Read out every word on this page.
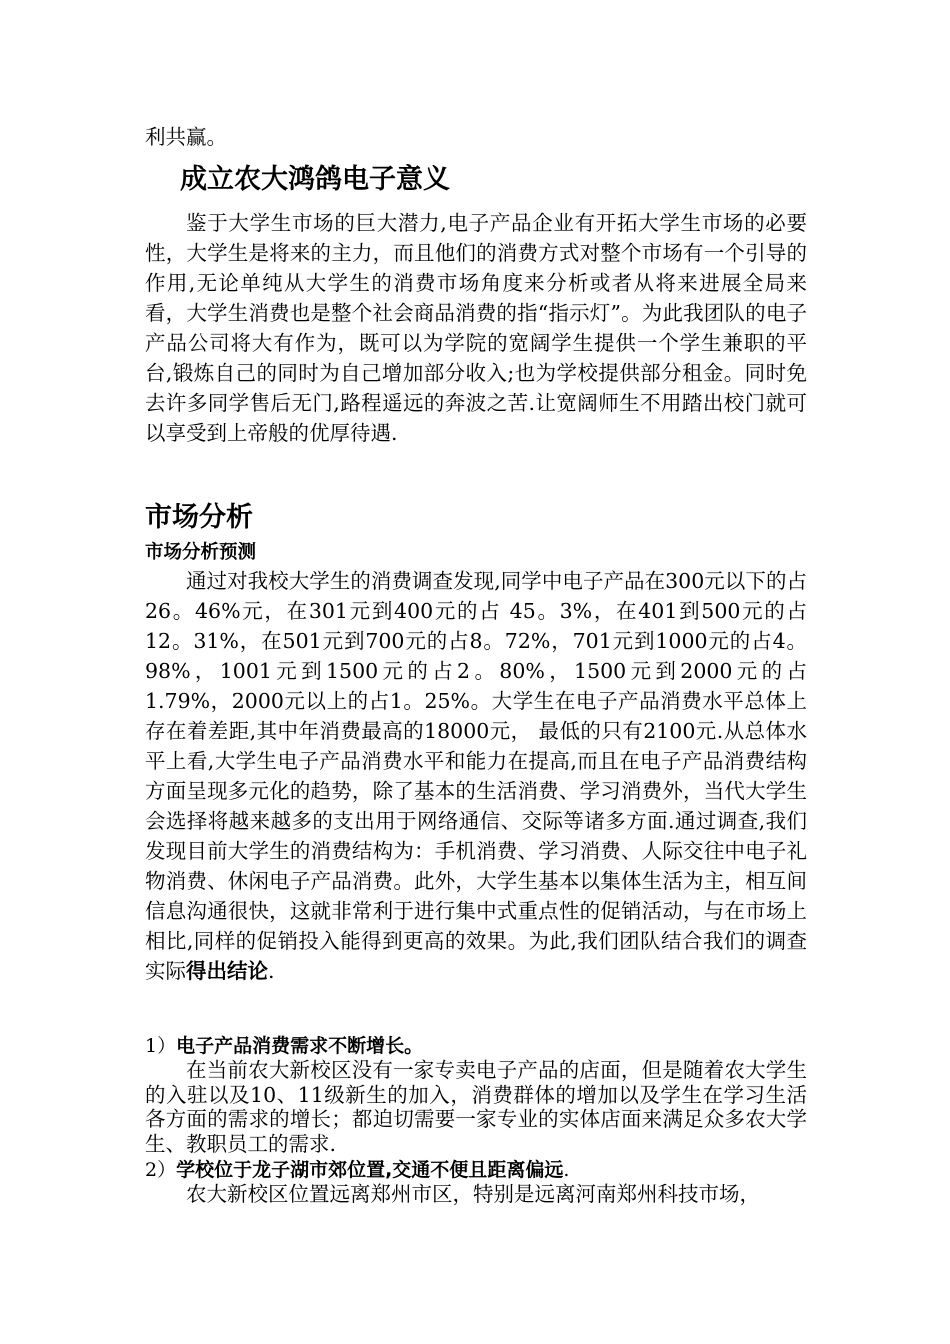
利共赢。

成立农大鸿鸽电子意义

鉴于大学生市场的巨大潜力,电子产品企业有开拓大学生市场的必要性，大学生是将来的主力，而且他们的消费方式对整个市场有一个引导的作用,无论单纯从大学生的消费市场角度来分析或者从将来进展全局来看，大学生消费也是整个社会商品消费的指“指示灯”。为此我团队的电子产品公司将大有作为，既可以为学院的宽阔学生提供一个学生兼职的平台,锻炼自己的同时为自己增加部分收入;也为学校提供部分租金。同时免去许多同学售后无门,路程遥远的奔波之苦.让宽阔师生不用踏出校门就可以享受到上帝般的优厚待遇.

市场分析
市场分析预测

通过对我校大学生的消费调查发现,同学中电子产品在300元以下的占26。46%元，在301元到400元的占 45。3%，在401到500元的占12。31%，在501元到700元的占8。72%，701元到1000元的占4。98%，1001元到1500元的占2。80%，1500元到2000元的占 1.79%，2000元以上的占1。25%。大学生在电子产品消费水平总体上存在着差距,其中年消费最高的18000元， 最低的只有2100元.从总体水平上看,大学生电子产品消费水平和能力在提高,而且在电子产品消费结构方面呈现多元化的趋势，除了基本的生活消费、学习消费外，当代大学生会选择将越来越多的支出用于网络通信、交际等诸多方面.通过调查,我们发现目前大学生的消费结构为：手机消费、学习消费、人际交往中电子礼物消费、休闲电子产品消费。此外，大学生基本以集体生活为主，相互间信息沟通很快，这就非常利于进行集中式重点性的促销活动，与在市场上相比,同样的促销投入能得到更高的效果。为此,我们团队结合我们的调查实际得出结论.

1）电子产品消费需求不断增长。

在当前农大新校区没有一家专卖电子产品的店面，但是随着农大学生的入驻以及10、11级新生的加入，消费群体的增加以及学生在学习生活各方面的需求的增长；都迫切需要一家专业的实体店面来满足众多农大学生、教职员工的需求.

2）学校位于龙子湖市郊位置,交通不便且距离偏远.

农大新校区位置远离郑州市区，特别是远离河南郑州科技市场，
